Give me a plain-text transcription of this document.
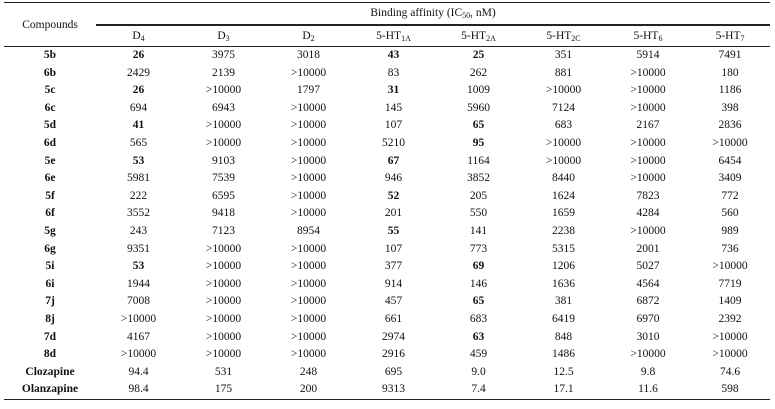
Compounds	Binding affinity ($IC_{50}$, nM)							
	$D_4$	$D_3$	$D_2$	$5-HT_{1A}$	$5-HT_{2A}$	$5-HT_{2C}$	$5-HT_6$	$5-HT_7$
5b	26	3975	3018	43	25	351	5914	7491
6b	2429	2139	>10000	83	262	881	>10000	180
5c	26	>10000	1797	31	1009	>10000	>10000	1186
6c	694	6943	>10000	145	5960	7124	>10000	398
5d	41	>10000	>10000	107	65	683	2167	2836
6d	565	>10000	>10000	5210	95	>10000	>10000	>10000
5e	53	9103	>10000	67	1164	>10000	>10000	6454
6e	5981	7539	>10000	946	3852	8440	>10000	3409
5f	222	6595	>10000	52	205	1624	7823	772
6f	3552	9418	>10000	201	550	1659	4284	560
5g	243	7123	8954	55	141	2238	>10000	989
6g	9351	>10000	>10000	107	773	5315	2001	736
5i	53	>10000	>10000	377	69	1206	5027	>10000
6i	1944	>10000	>10000	914	146	1636	4564	7719
7j	7008	>10000	>10000	457	65	381	6872	1409
8j	>10000	>10000	>10000	661	683	6419	6970	2392
7d	4167	>10000	>10000	2974	63	848	3010	>10000
8d	>10000	>10000	>10000	2916	459	1486	>10000	>10000
Clozapine	94.4	531	248	695	9.0	12.5	9.8	74.6
Olanzapine	98.4	175	200	9313	7.4	17.1	11.6	598
